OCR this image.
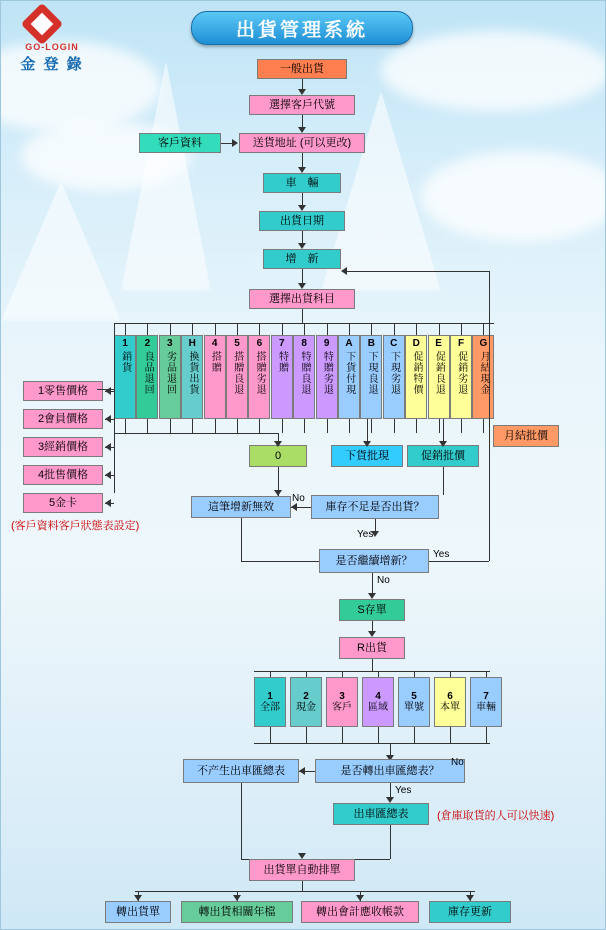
GO-LOGIN
金 登 錄
出貨管理系統
一般出貨
選擇客戶代號
送貨地址 (可以更改)
客戶資料
車　輛
出貨日期
增　新
選擇出貨科目
1
銷貨
2
良品退回
3
劣品退回
H
換貨出貨
4
搭贈
5
搭贈良退
6
搭贈劣退
7
特贈
8
特贈良退
9
特贈劣退
A
下貨付現
B
下現良退
C
下現劣退
D
促銷特價
E
促銷良退
F
促銷劣退
G
月結現金
1零售價格
2會員價格
3經銷價格
4批售價格
5金卡
(客戶資料客戶狀態表設定)
0	下貨批現	促銷批價
月結批價
這筆增新無效	庫存不足是否出貨？
No
Yes
是否繼續增新？
Yes
No
S存單
R出貨
1
全部
2
現金
3
客戶
4
區域
5
單號
6
本單
7
車輛
是否轉出車匯總表？
不产生出車匯總表
No
Yes
出車匯總表	(倉庫取貨的人可以快速)
出貨單自動排單
轉出貨單	轉出貨相關年檔	轉出會計應收帳款	庫存更新
